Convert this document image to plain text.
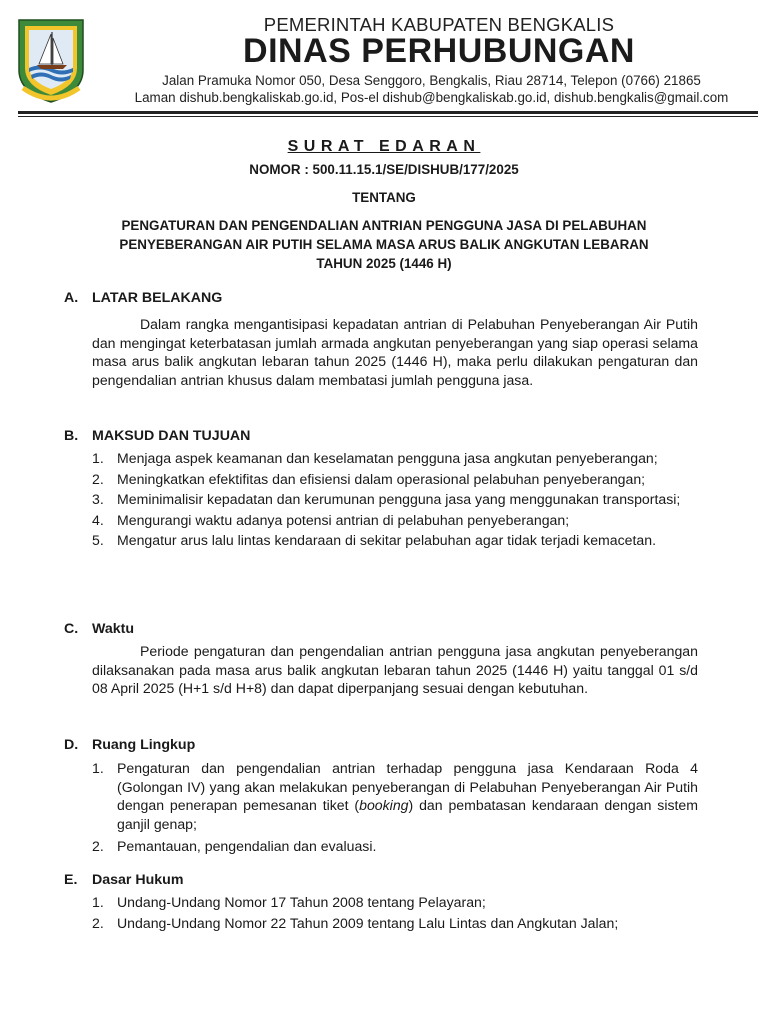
PEMERINTAH KABUPATEN BENGKALIS
DINAS PERHUBUNGAN
Jalan Pramuka Nomor 050, Desa Senggoro, Bengkalis, Riau 28714, Telepon (0766) 21865
Laman dishub.bengkaliskab.go.id, Pos-el dishub@bengkaliskab.go.id, dishub.bengkalis@gmail.com
SURAT EDARAN
NOMOR : 500.11.15.1/SE/DISHUB/177/2025
TENTANG
PENGATURAN DAN PENGENDALIAN ANTRIAN PENGGUNA JASA DI PELABUHAN
PENYEBERANGAN AIR PUTIH SELAMA MASA ARUS BALIK ANGKUTAN LEBARAN
TAHUN 2025 (1446 H)
A. LATAR BELAKANG
Dalam rangka mengantisipasi kepadatan antrian di Pelabuhan Penyeberangan Air Putih dan mengingat keterbatasan jumlah armada angkutan penyeberangan yang siap operasi selama masa arus balik angkutan lebaran tahun 2025 (1446 H), maka perlu dilakukan pengaturan dan pengendalian antrian khusus dalam membatasi jumlah pengguna jasa.
B. MAKSUD DAN TUJUAN
1. Menjaga aspek keamanan dan keselamatan pengguna jasa angkutan penyeberangan;
2. Meningkatkan efektifitas dan efisiensi dalam operasional pelabuhan penyeberangan;
3. Meminimalisir kepadatan dan kerumunan pengguna jasa yang menggunakan transportasi;
4. Mengurangi waktu adanya potensi antrian di pelabuhan penyeberangan;
5. Mengatur arus lalu lintas kendaraan di sekitar pelabuhan agar tidak terjadi kemacetan.
C. Waktu
Periode pengaturan dan pengendalian antrian pengguna jasa angkutan penyeberangan dilaksanakan pada masa arus balik angkutan lebaran tahun 2025 (1446 H) yaitu tanggal 01 s/d 08 April 2025 (H+1 s/d H+8) dan dapat diperpanjang sesuai dengan kebutuhan.
D. Ruang Lingkup
1. Pengaturan dan pengendalian antrian terhadap pengguna jasa Kendaraan Roda 4 (Golongan IV) yang akan melakukan penyeberangan di Pelabuhan Penyeberangan Air Putih dengan penerapan pemesanan tiket (booking) dan pembatasan kendaraan dengan sistem ganjil genap;
2. Pemantauan, pengendalian dan evaluasi.
E. Dasar Hukum
1. Undang-Undang Nomor 17 Tahun 2008 tentang Pelayaran;
2. Undang-Undang Nomor 22 Tahun 2009 tentang Lalu Lintas dan Angkutan Jalan;
